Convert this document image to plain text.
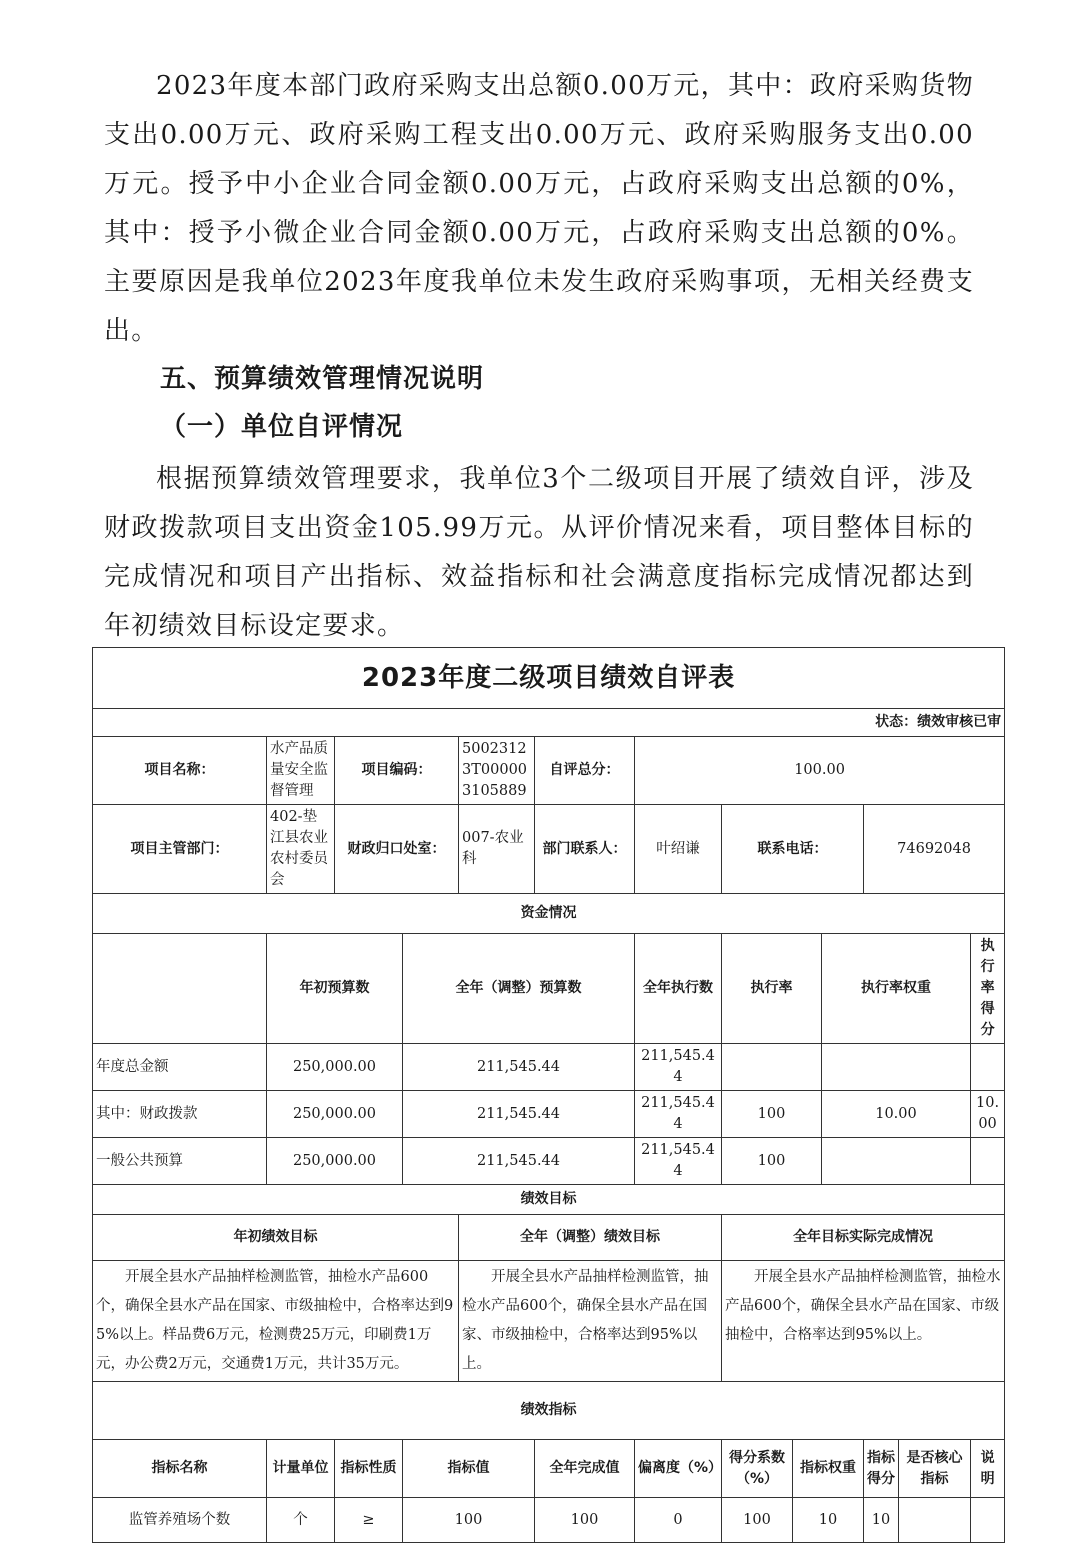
2023年度本部门政府采购支出总额0.00万元，其中：政府采购货物支出0.00万元、政府采购工程支出0.00万元、政府采购服务支出0.00万元。授予中小企业合同金额0.00万元，占政府采购支出总额的0%，其中：授予小微企业合同金额0.00万元，占政府采购支出总额的0%。主要原因是我单位2023年度我单位未发生政府采购事项，无相关经费支出。

五、预算绩效管理情况说明
（一）单位自评情况

根据预算绩效管理要求，我单位3个二级项目开展了绩效自评，涉及财政拨款项目支出资金105.99万元。从评价情况来看，项目整体目标的完成情况和项目产出指标、效益指标和社会满意度指标完成情况都达到年初绩效目标设定要求。

2023年度二级项目绩效自评表												
状态：绩效审核已审												
项目名称：	水产品质量安全监督管理	项目编码：		50023123T000003105889	自评总分：	100.00						
项目主管部门：	402-垫江县农业农村委员会	财政归口处室：		007-农业科	部门联系人：	叶绍谦	联系电话：			74692048		
资金情况												
	年初预算数		全年（调整）预算数			全年执行数	执行率		执行率权重			执行率得分
年度总金额	250,000.00		211,545.44			211,545.44						
其中：财政拨款	250,000.00		211,545.44			211,545.44	100		10.00			10.00
一般公共预算	250,000.00		211,545.44			211,545.44	100					
绩效目标												
年初绩效目标				全年（调整）绩效目标			全年目标实际完成情况					
开展全县水产品抽样检测监管，抽检水产品600个，确保全县水产品在国家、市级抽检中，合格率达到95%以上。样品费6万元，检测费25万元，印刷费1万元，办公费2万元，交通费1万元，共计35万元。				开展全县水产品抽样检测监管，抽检水产品600个，确保全县水产品在国家、市级抽检中，合格率达到95%以上。			开展全县水产品抽样检测监管，抽检水产品600个，确保全县水产品在国家、市级抽检中，合格率达到95%以上。					
绩效指标												
指标名称	计量单位	指标性质	指标值		全年完成值	偏离度（%）	得分系数（%）	指标权重		指标得分	是否核心指标	说明
监管养殖场个数	个	≥	100		100	0	100	10		10		
